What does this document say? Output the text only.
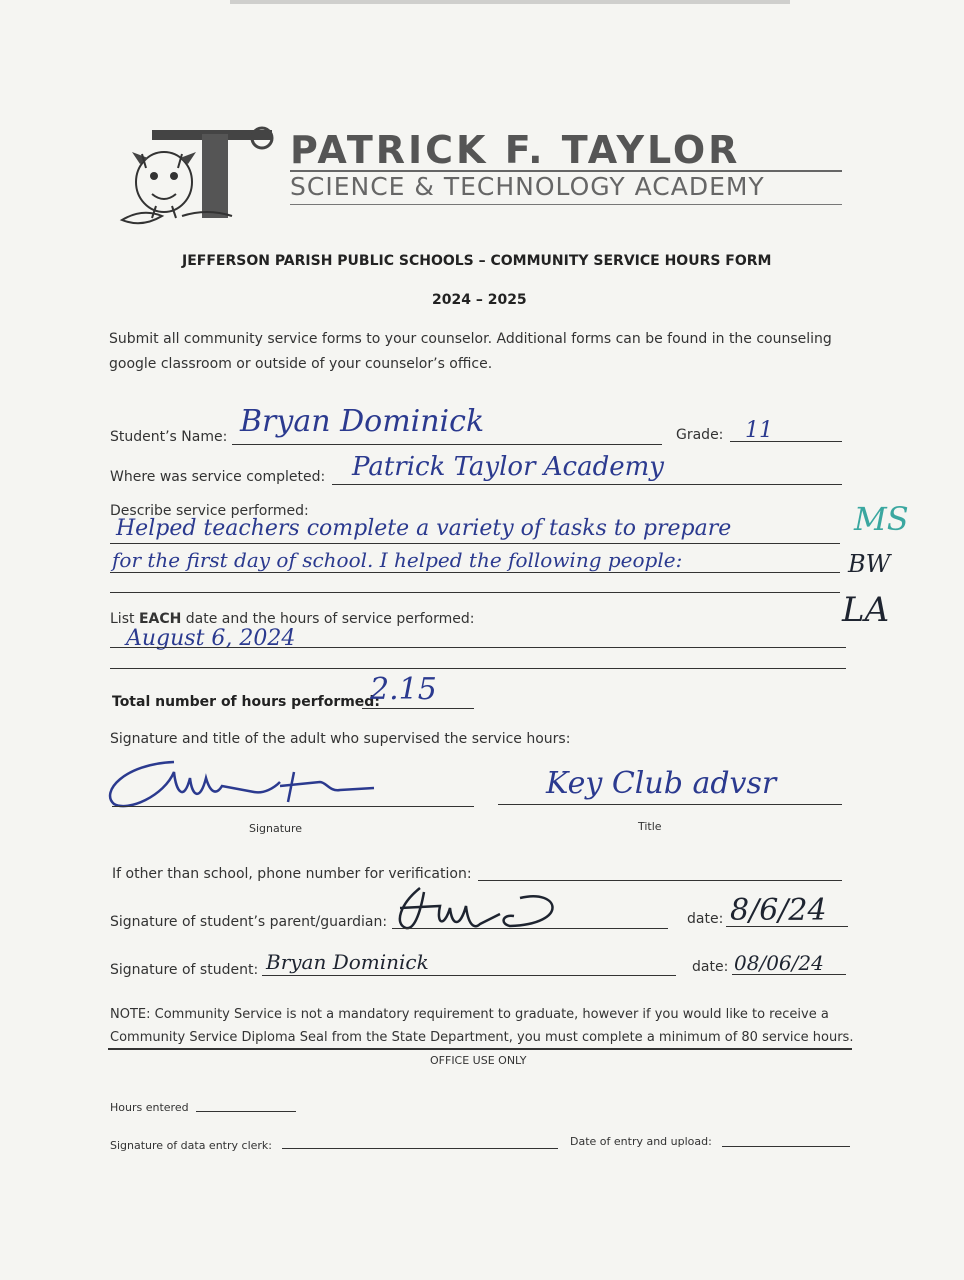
PATRICK F. TAYLOR
SCIENCE & TECHNOLOGY ACADEMY
JEFFERSON PARISH PUBLIC SCHOOLS – COMMUNITY SERVICE HOURS FORM
2024 – 2025
Submit all community service forms to your counselor. Additional forms can be found in the counseling
google classroom or outside of your counselor’s office.
Student’s Name: Bryan Dominick	Grade: 11
Where was service completed: Patrick Taylor Academy
Describe service performed:
Helped teachers complete a variety of tasks to prepare
for the first day of school. I helped the following people:
MS
BW
LA
List EACH date and the hours of service performed:
August 6, 2024
Total number of hours performed:
2.15
Signature and title of the adult who supervised the service hours:
Signature
Key Club advsr
Title
If other than school, phone number for verification:
Signature of student’s parent/guardian:	date: 8/6/24
Signature of student: Bryan Dominick	date: 08/06/24
NOTE: Community Service is not a mandatory requirement to graduate, however if you would like to receive a
Community Service Diploma Seal from the State Department, you must complete a minimum of 80 service hours.
OFFICE USE ONLY
Hours entered
Signature of data entry clerk:	Date of entry and upload:
